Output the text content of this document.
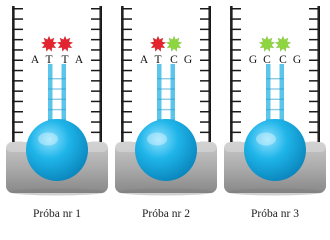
A T T A	A T C G	G C C G
Próba nr 1	Próba nr 2	Próba nr 3
